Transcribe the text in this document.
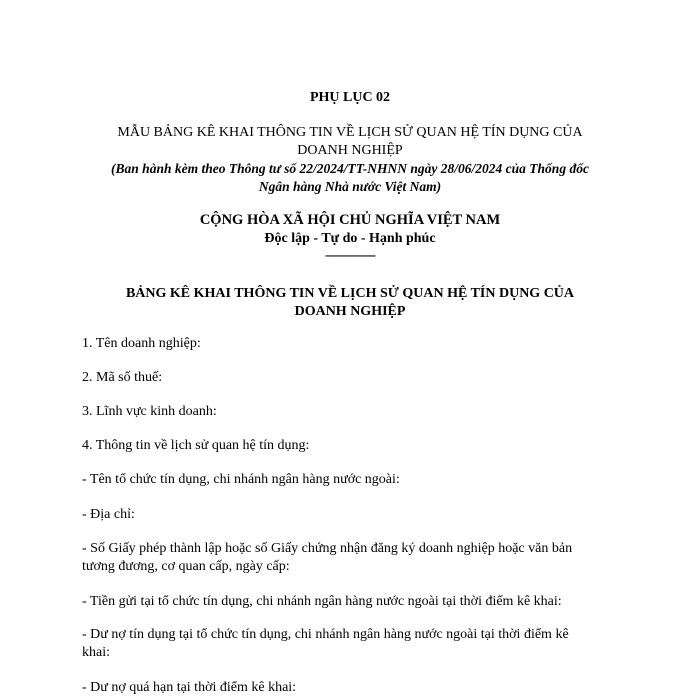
PHỤ LỤC 02
MẪU BẢNG KÊ KHAI THÔNG TIN VỀ LỊCH SỬ QUAN HỆ TÍN DỤNG CỦA
DOANH NGHIỆP
(Ban hành kèm theo Thông tư số 22/2024/TT-NHNN ngày 28/06/2024 của Thống đốc
Ngân hàng Nhà nước Việt Nam)
CỘNG HÒA XÃ HỘI CHỦ NGHĨA VIỆT NAM
Độc lập - Tự do - Hạnh phúc
---------------
BẢNG KÊ KHAI THÔNG TIN VỀ LỊCH SỬ QUAN HỆ TÍN DỤNG CỦA
DOANH NGHIỆP

1. Tên doanh nghiệp:

2. Mã số thuế:

3. Lĩnh vực kinh doanh:

4. Thông tin về lịch sử quan hệ tín dụng:

- Tên tổ chức tín dụng, chi nhánh ngân hàng nước ngoài:

- Địa chỉ:

- Số Giấy phép thành lập hoặc số Giấy chứng nhận đăng ký doanh nghiệp hoặc văn bản
tương đương, cơ quan cấp, ngày cấp:

- Tiền gửi tại tổ chức tín dụng, chi nhánh ngân hàng nước ngoài tại thời điểm kê khai:

- Dư nợ tín dụng tại tổ chức tín dụng, chi nhánh ngân hàng nước ngoài tại thời điểm kê
khai:

- Dư nợ quá hạn tại thời điểm kê khai:
